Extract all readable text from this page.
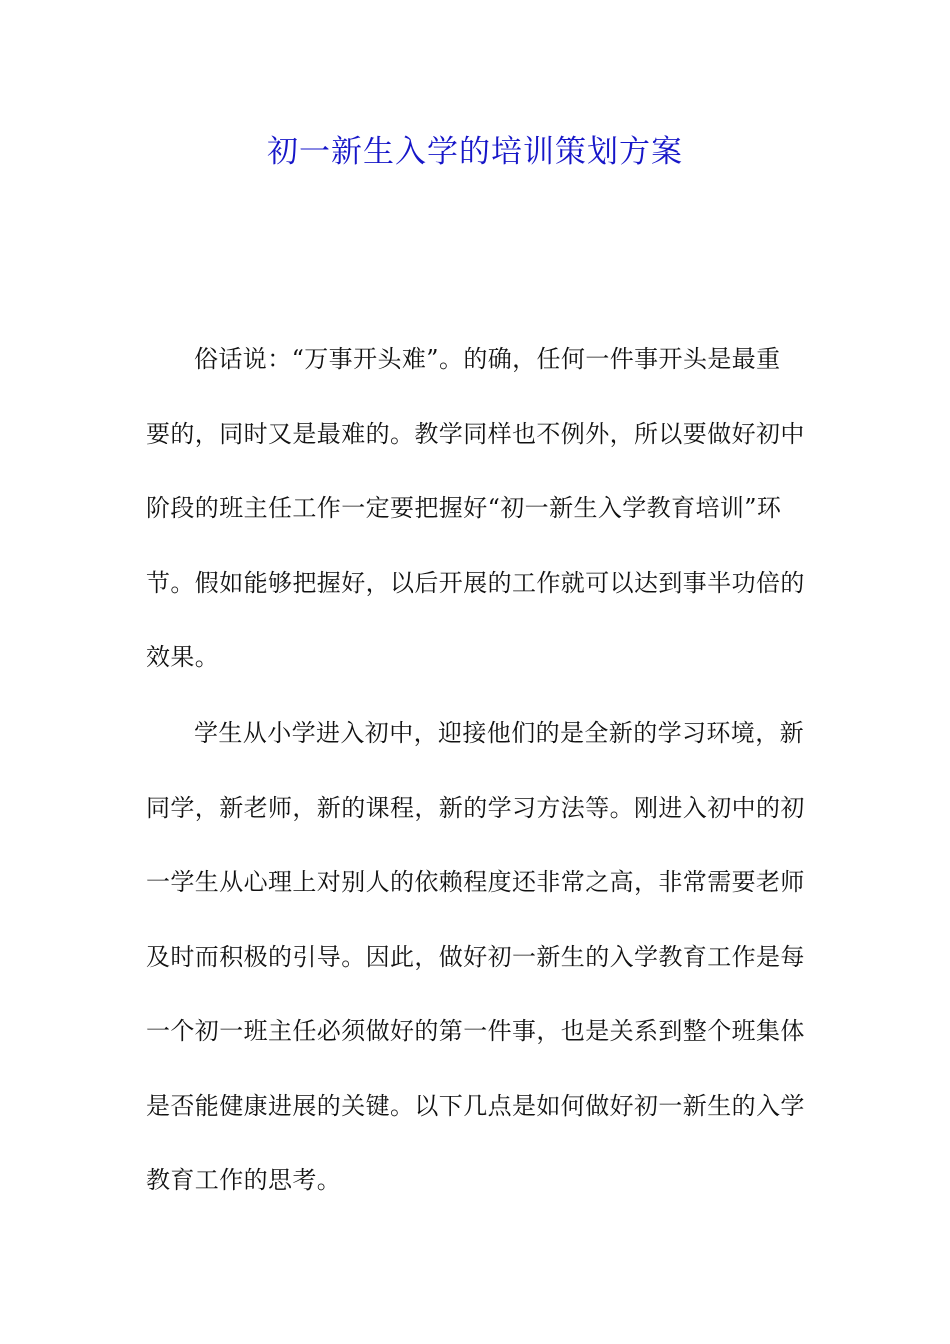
初一新生入学的培训策划方案
俗话说：“万事开头难”。的确，任何一件事开头是最重
要的，同时又是最难的。教学同样也不例外，所以要做好初中
阶段的班主任工作一定要把握好“初一新生入学教育培训”环
节。假如能够把握好，以后开展的工作就可以达到事半功倍的
效果。
学生从小学进入初中，迎接他们的是全新的学习环境，新
同学，新老师，新的课程，新的学习方法等。刚进入初中的初
一学生从心理上对别人的依赖程度还非常之高，非常需要老师
及时而积极的引导。因此，做好初一新生的入学教育工作是每
一个初一班主任必须做好的第一件事，也是关系到整个班集体
是否能健康进展的关键。以下几点是如何做好初一新生的入学
教育工作的思考。
